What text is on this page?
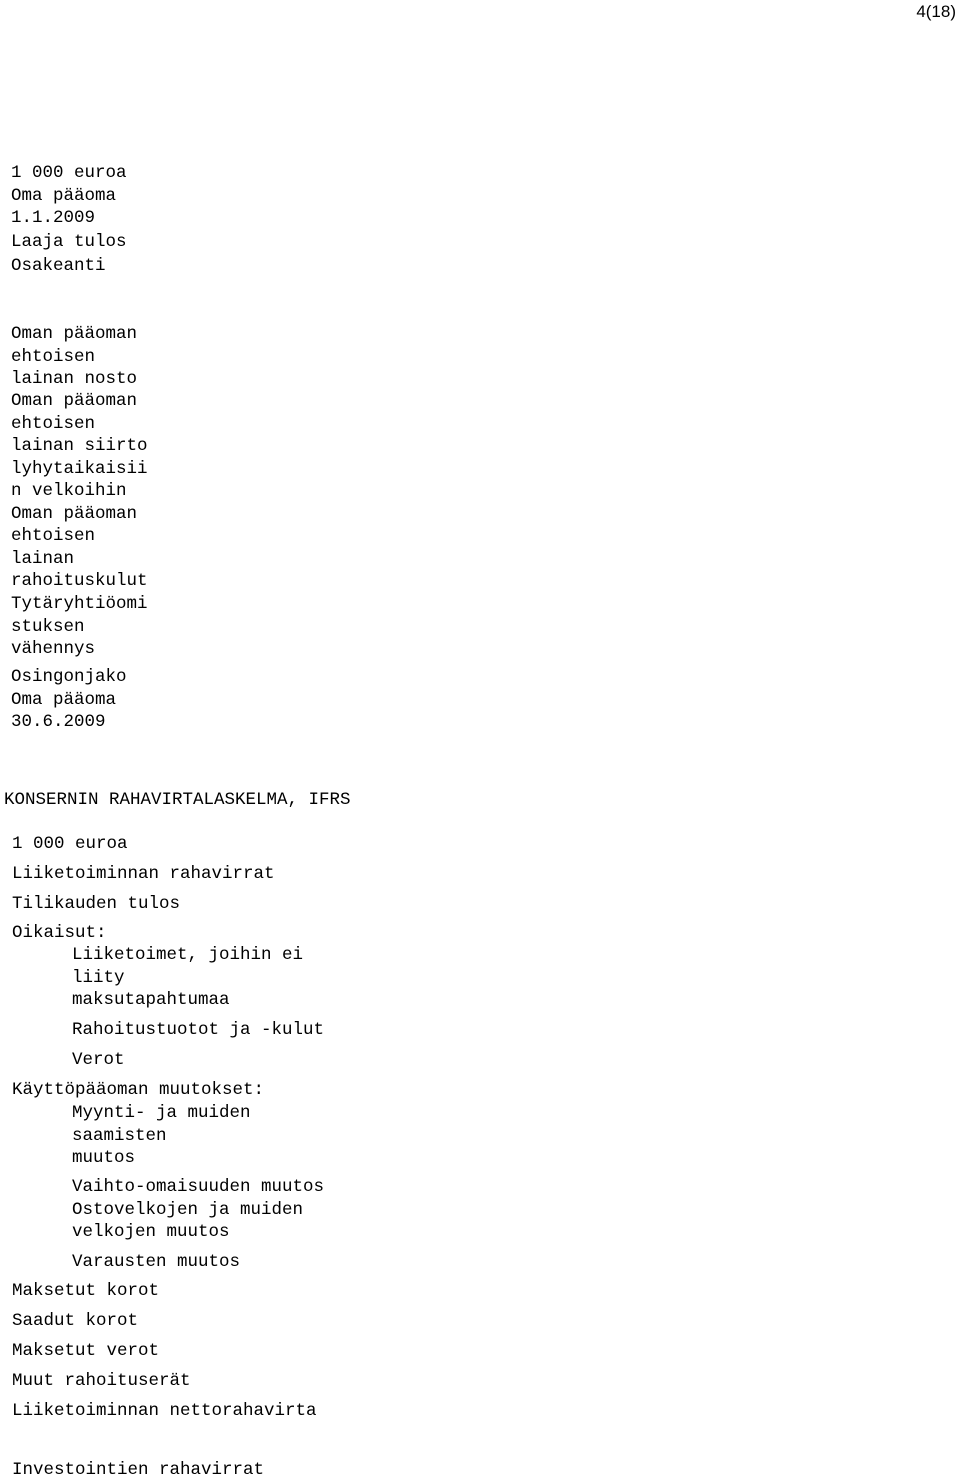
4(18)
1 000 euroa
Oma pääoma
1.1.2009
Laaja tulos
Osakeanti
Oman pääoman
ehtoisen
lainan nosto
Oman pääoman
ehtoisen
lainan siirto
lyhytaikaisii
n velkoihin
Oman pääoman
ehtoisen
lainan
rahoituskulut
Tytäryhtiöomi
stuksen
vähennys
Osingonjako
Oma pääoma
30.6.2009
KONSERNIN RAHAVIRTALASKELMA, IFRS
1 000 euroa
Liiketoiminnan rahavirrat
Tilikauden tulos
Oikaisut:
Liiketoimet, joihin ei
liity
maksutapahtumaa
Rahoitustuotot ja -kulut
Verot
Käyttöpääoman muutokset:
Myynti- ja muiden
saamisten
muutos
Vaihto-omaisuuden muutos
Ostovelkojen ja muiden
velkojen muutos
Varausten muutos
Maksetut korot
Saadut korot
Maksetut verot
Muut rahoituserät
Liiketoiminnan nettorahavirta
Investointien rahavirrat
